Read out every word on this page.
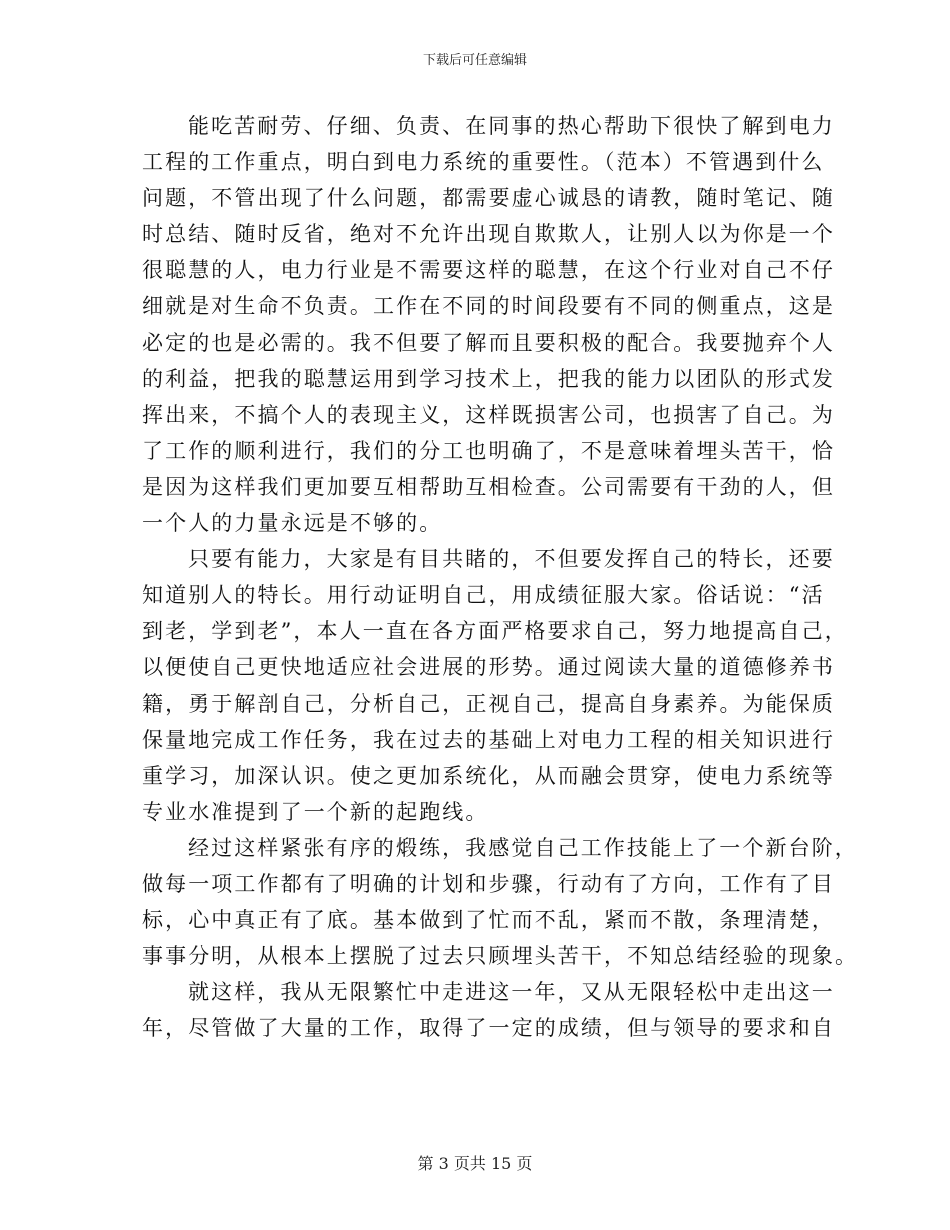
下载后可任意编辑
能吃苦耐劳、仔细、负责、在同事的热心帮助下很快了解到电力
工程的工作重点，明白到电力系统的重要性。（范本）不管遇到什么
问题，不管出现了什么问题，都需要虚心诚恳的请教，随时笔记、随
时总结、随时反省，绝对不允许出现自欺欺人，让别人以为你是一个
很聪慧的人，电力行业是不需要这样的聪慧，在这个行业对自己不仔
细就是对生命不负责。工作在不同的时间段要有不同的侧重点，这是
必定的也是必需的。我不但要了解而且要积极的配合。我要抛弃个人
的利益，把我的聪慧运用到学习技术上，把我的能力以团队的形式发
挥出来，不搞个人的表现主义，这样既损害公司，也损害了自己。为
了工作的顺利进行，我们的分工也明确了，不是意味着埋头苦干，恰
是因为这样我们更加要互相帮助互相检查。公司需要有干劲的人，但
一个人的力量永远是不够的。
只要有能力，大家是有目共睹的，不但要发挥自己的特长，还要
知道别人的特长。用行动证明自己，用成绩征服大家。俗话说：“活
到老，学到老”，本人一直在各方面严格要求自己，努力地提高自己，
以便使自己更快地适应社会进展的形势。通过阅读大量的道德修养书
籍，勇于解剖自己，分析自己，正视自己，提高自身素养。为能保质
保量地完成工作任务，我在过去的基础上对电力工程的相关知识进行
重学习，加深认识。使之更加系统化，从而融会贯穿，使电力系统等
专业水准提到了一个新的起跑线。
经过这样紧张有序的煅练，我感觉自己工作技能上了一个新台阶，
做每一项工作都有了明确的计划和步骤，行动有了方向，工作有了目
标，心中真正有了底。基本做到了忙而不乱，紧而不散，条理清楚，
事事分明，从根本上摆脱了过去只顾埋头苦干，不知总结经验的现象。
就这样，我从无限繁忙中走进这一年，又从无限轻松中走出这一
年，尽管做了大量的工作，取得了一定的成绩，但与领导的要求和自
第 3 页共 15 页
